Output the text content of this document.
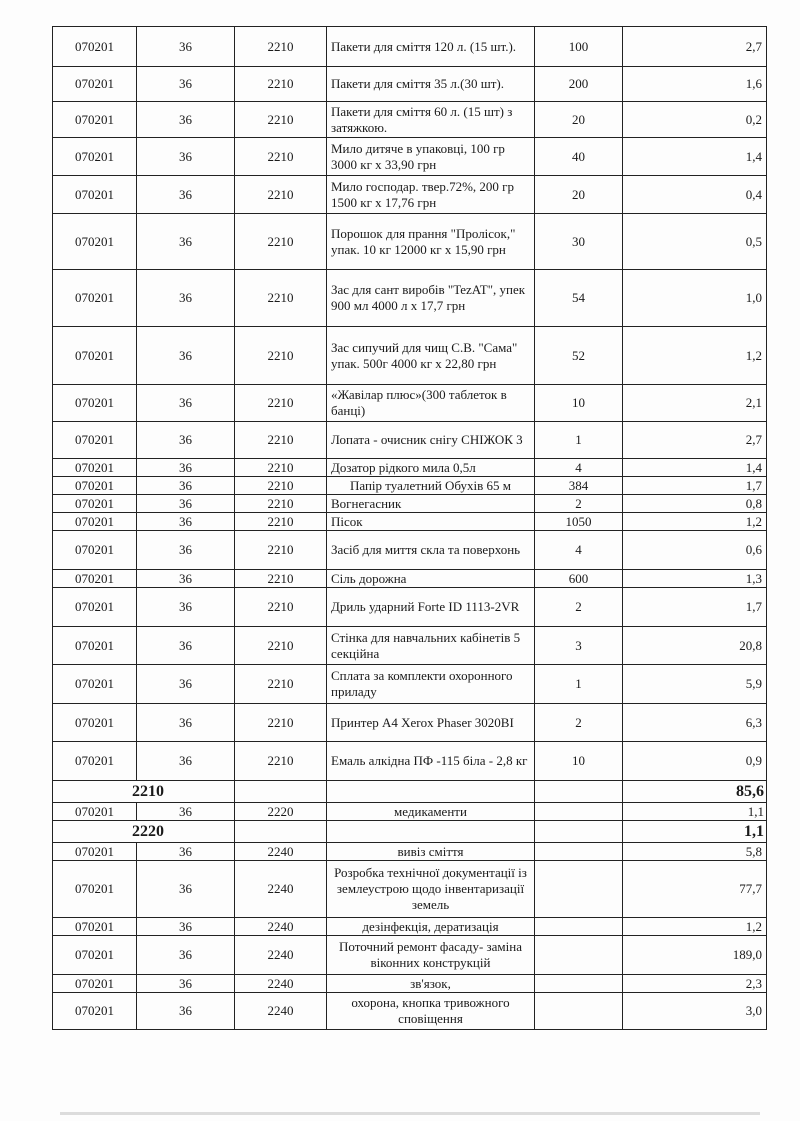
070201	36	2210	Пакети для сміття 120 л. (15 шт.).	100	2,7
070201	36	2210	Пакети для сміття 35 л.(30 шт).	200	1,6
070201	36	2210	Пакети для сміття 60 л. (15 шт) з затяжкою.	20	0,2
070201	36	2210	Мило дитяче в упаковці, 100 гр 3000 кг х 33,90 грн	40	1,4
070201	36	2210	Мило господар. твер.72%, 200 гр 1500 кг х 17,76 грн	20	0,4
070201	36	2210	Порошок для прання "Пролісок," упак. 10 кг 12000 кг х 15,90 грн	30	0,5
070201	36	2210	Зас для сант виробів "TezAT", упек 900 мл 4000 л х 17,7 грн	54	1,0
070201	36	2210	Зас сипучий для чищ С.В. "Сама" упак. 500г 4000 кг х 22,80 грн	52	1,2
070201	36	2210	«Жавілар плюс»(300 таблеток в банці)	10	2,1
070201	36	2210	Лопата - очисник снігу СНІЖОК 3	1	2,7
070201	36	2210	Дозатор рідкого мила 0,5л	4	1,4
070201	36	2210	Папір туалетний Обухів 65 м	384	1,7
070201	36	2210	Вогнегасник	2	0,8
070201	36	2210	Пісок	1050	1,2
070201	36	2210	Засіб для миття скла та поверхонь	4	0,6
070201	36	2210	Сіль дорожна	600	1,3
070201	36	2210	Дриль ударний Forte ID 1113-2VR	2	1,7
070201	36	2210	Стінка для навчальних кабінетів 5 секційна	3	20,8
070201	36	2210	Сплата за комплекти охоронного приладу	1	5,9
070201	36	2210	Принтер А4 Xerox Phaser 3020BI	2	6,3
070201	36	2210	Емаль алкідна ПФ -115 біла - 2,8 кг	10	0,9
2210					85,6
070201	36	2220	медикаменти		1,1
2220					1,1
070201	36	2240	вивіз сміття		5,8
070201	36	2240	Розробка технічної документації із землеустрою щодо інвентаризації земель		77,7
070201	36	2240	дезінфекція, дератизація		1,2
070201	36	2240	Поточний ремонт фасаду- заміна віконних конструкцій		189,0
070201	36	2240	зв'язок,		2,3
070201	36	2240	охорона, кнопка тривожного сповіщення		3,0
